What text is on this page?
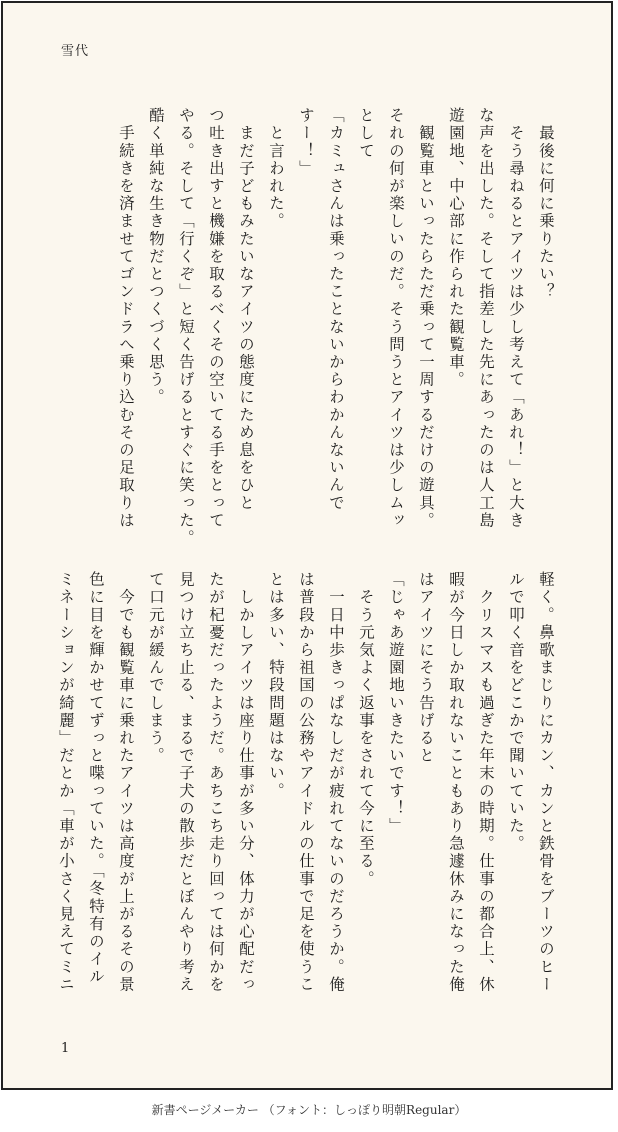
雪代

　最後に何に乗りたい？

　そう尋ねるとアイツは少し考えて「あれ！」と大き

な声を出した。そして指差した先にあったのは人工島

遊園地、中心部に作られた観覧車。

　観覧車といったらただ乗って一周するだけの遊具。

それの何が楽しいのだ。そう問うとアイツは少しムッ

として

「カミュさんは乗ったことないからわかんないんで

すー！」

　と言われた。

　まだ子どもみたいなアイツの態度にため息をひと

つ吐き出すと機嫌を取るべくその空いてる手をとって

やる。そして「行くぞ」と短く告げるとすぐに笑った。

酷く単純な生き物だとつくづく思う。

　手続きを済ませてゴンドラへ乗り込むその足取りは

軽く。鼻歌まじりにカン、カンと鉄骨をブーツのヒー

ルで叩く音をどこかで聞いていた。

　クリスマスも過ぎた年末の時期。仕事の都合上、休

暇が今日しか取れないこともあり急遽休みになった俺

はアイツにそう告げると

「じゃあ遊園地いきたいです！」

　そう元気よく返事をされて今に至る。

　一日中歩きっぱなしだが疲れてないのだろうか。俺

は普段から祖国の公務やアイドルの仕事で足を使うこ

とは多い、特段問題はない。

　しかしアイツは座り仕事が多い分、体力が心配だっ

たが杞憂だったようだ。あちこち走り回っては何かを

見つけ立ち止る、まるで子犬の散歩だとぼんやり考え

て口元が緩んでしまう。

　今でも観覧車に乗れたアイツは高度が上がるその景

色に目を輝かせてずっと喋っていた。「冬特有のイル

ミネーションが綺麗」だとか「車が小さく見えてミニ

1
新書ページメーカー （フォント：しっぽり明朝Regular）
